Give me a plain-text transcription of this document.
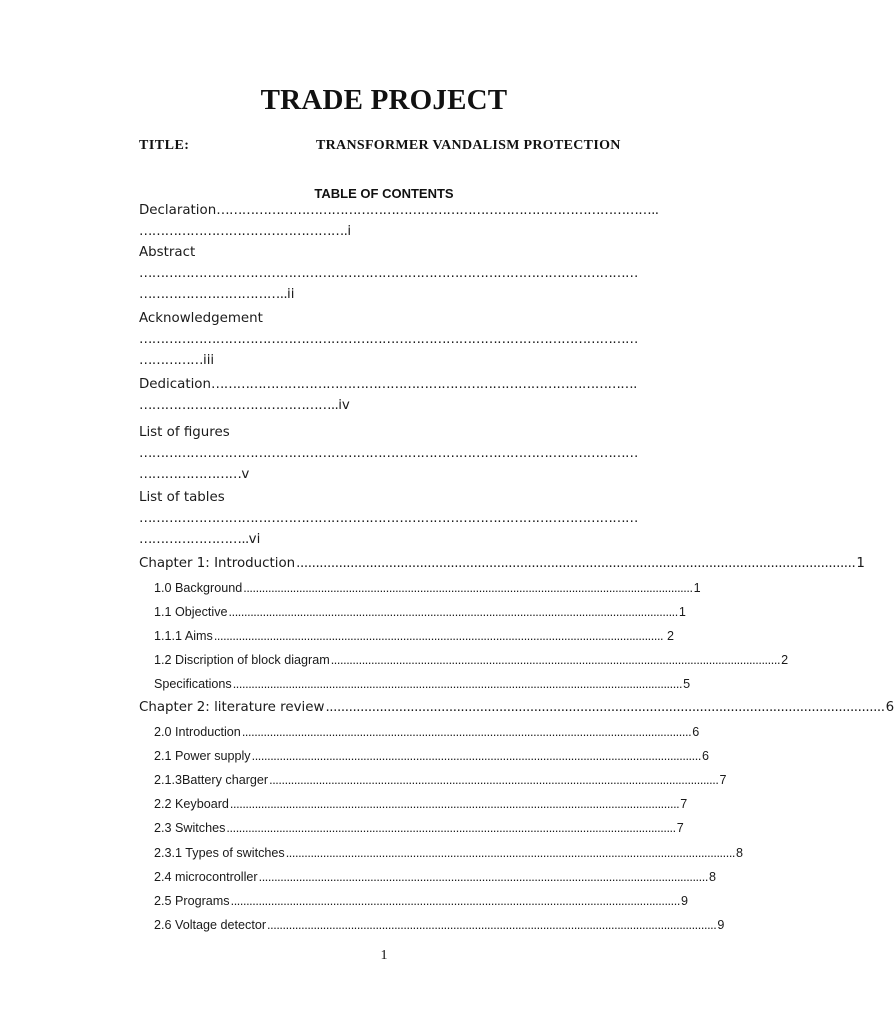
TRADE PROJECT
TITLE:	TRANSFORMER VANDALISM PROTECTION
TABLE OF CONTENTS
Declaration…………………………………………………………………………………………..
………………………………………….i
Abstract
………………………………………………………………………………………………………
……………………………..ii
Acknowledgement
………………………………………………………………………………………………………
……………iii
Dedication……………………………………………………………………………………….
………………………………………..iv
List of figures
………………………………………………………………………………………………………
……………………v
List of tables
………………………………………………………………………………………………………
……………………..vi
Chapter 1: Introduction ................................................................................................................................................. 1
1.0 Background ................................................................................................................................................. 1
1.1 Objective ................................................................................................................................................. 1
1.1.1 Aims ................................................................................................................................................. 2
1.2 Discription of block diagram ................................................................................................................................................. 2
Specifications ................................................................................................................................................. 5
Chapter 2: literature review ................................................................................................................................................. 6
2.0 Introduction ................................................................................................................................................. 6
2.1 Power supply ................................................................................................................................................. 6
2.1.3Battery charger ................................................................................................................................................. 7
2.2 Keyboard ................................................................................................................................................. 7
2.3 Switches ................................................................................................................................................. 7
2.3.1 Types of switches ................................................................................................................................................. 8
2.4 microcontroller ................................................................................................................................................. 8
2.5 Programs ................................................................................................................................................. 9
2.6 Voltage detector ................................................................................................................................................. 9
1
